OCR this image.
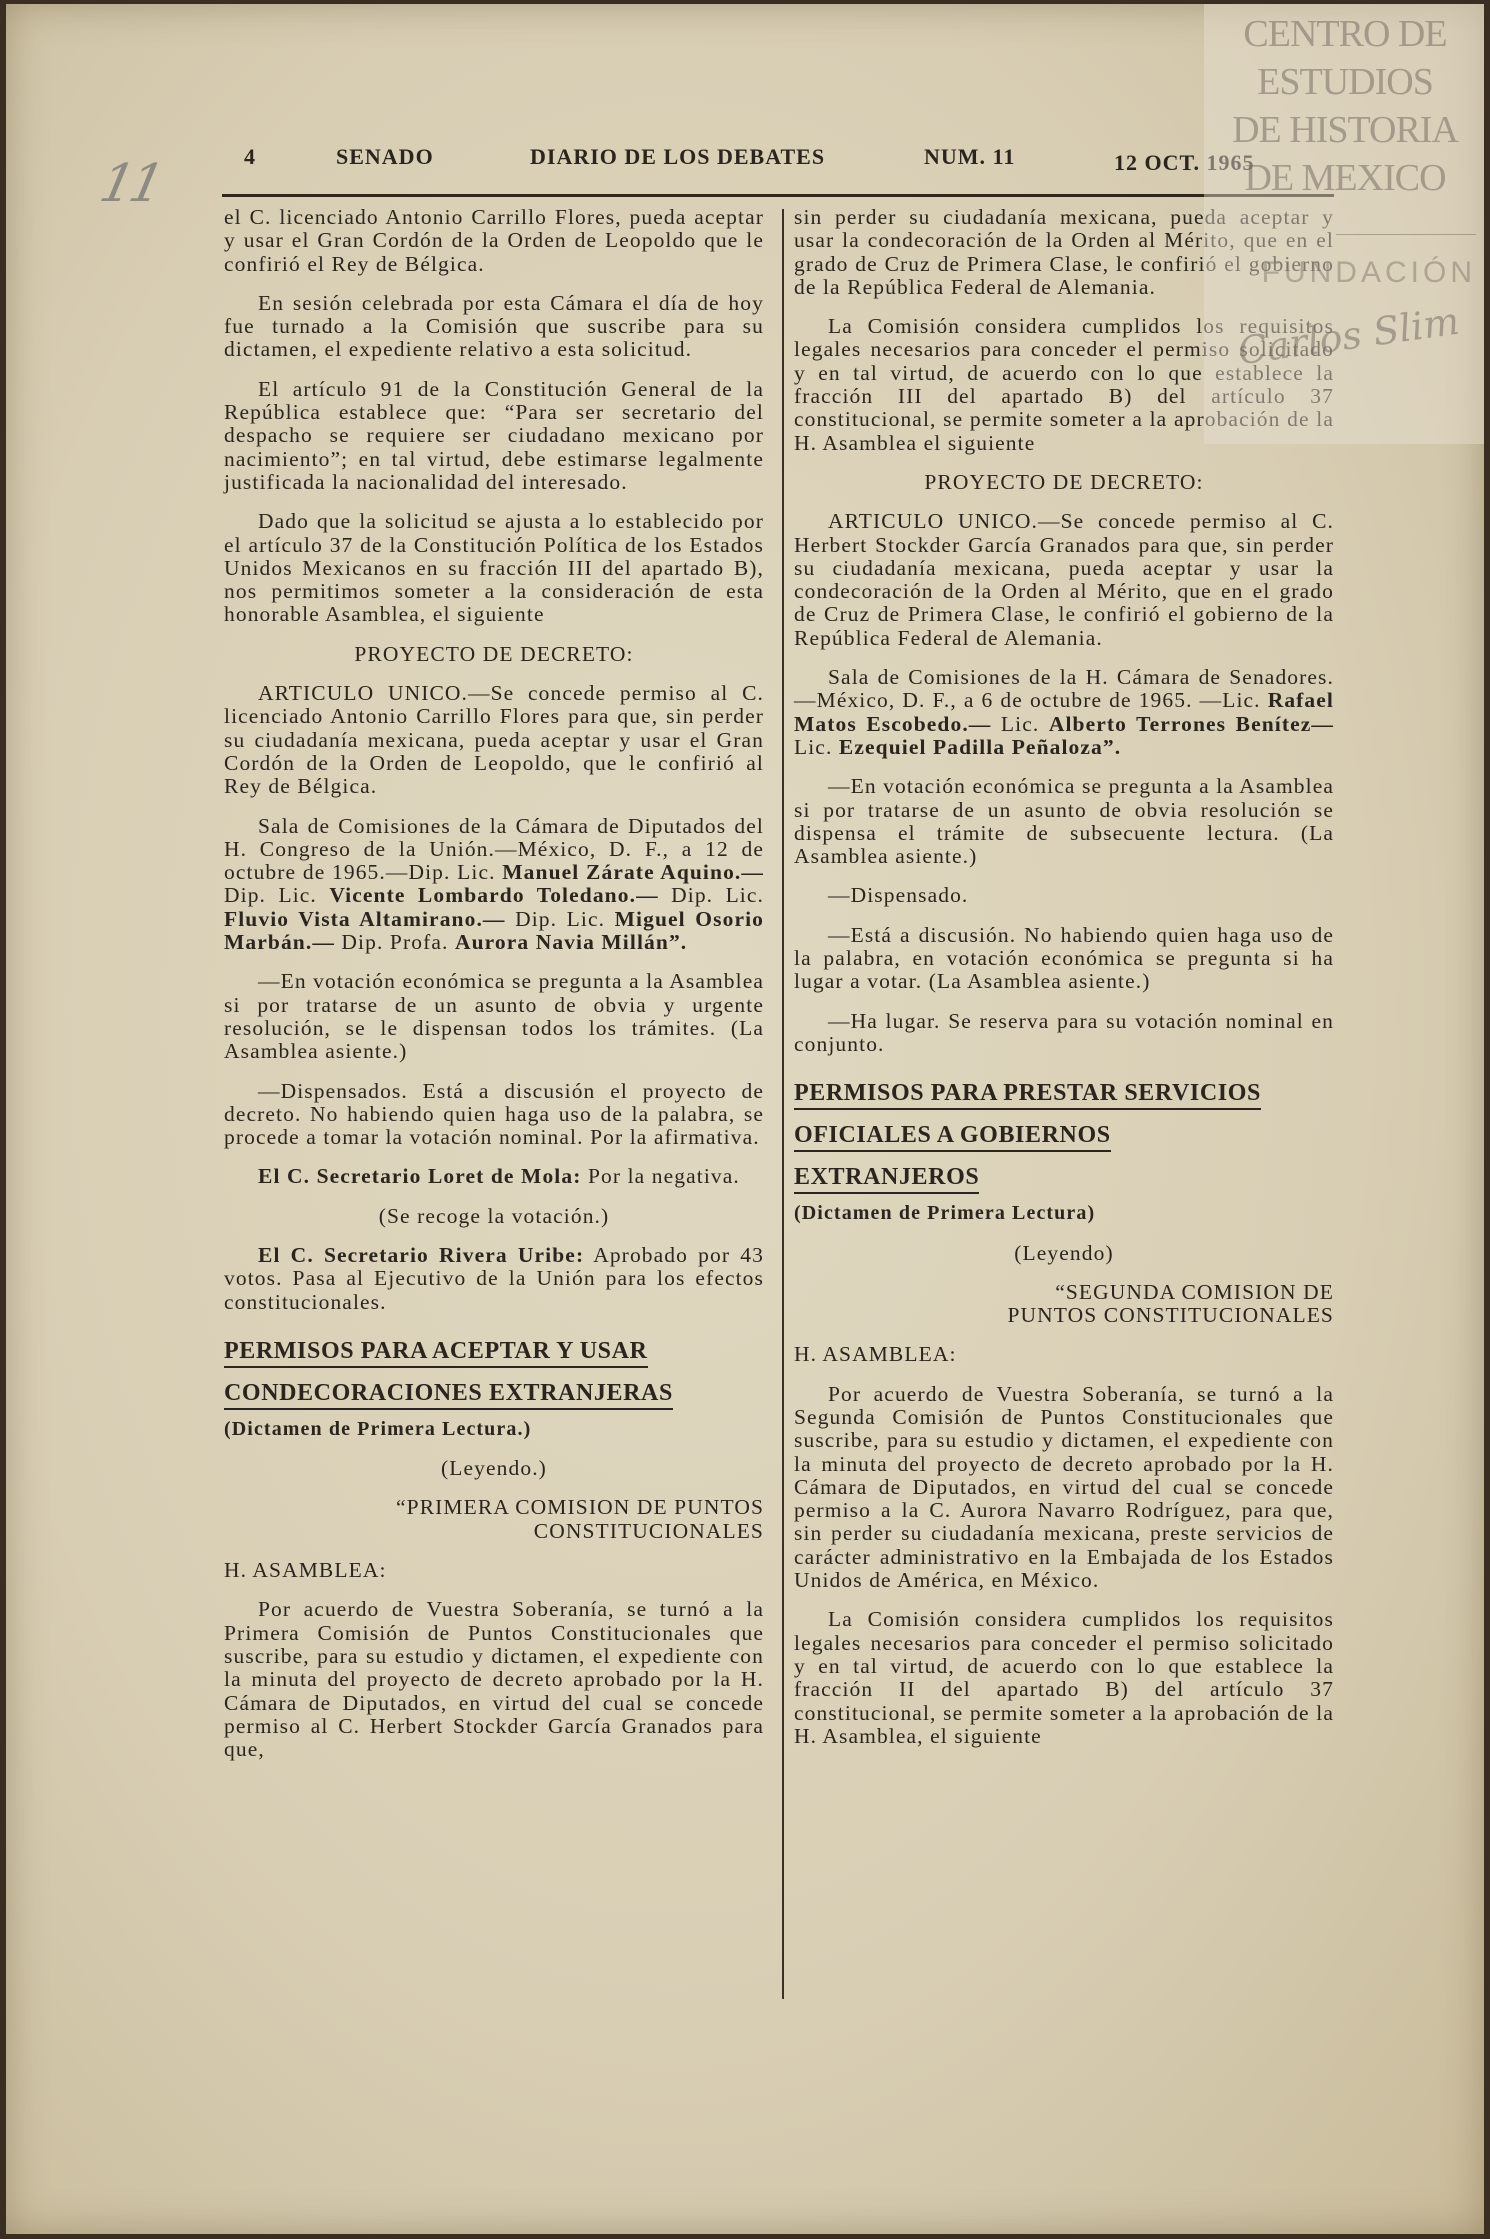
11	4	SENADO	DIARIO DE LOS DEBATES	NUM. 11	12 OCT. 1965

el C. licenciado Antonio Carrillo Flores, pueda aceptar y usar el Gran Cordón de la Orden de Leopoldo que le confirió el Rey de Bélgica.

En sesión celebrada por esta Cámara el día de hoy fue turnado a la Comisión que suscribe para su dictamen, el expediente relativo a esta solicitud.

El artículo 91 de la Constitución General de la República establece que: “Para ser secretario del despacho se requiere ser ciudadano mexicano por nacimiento”; en tal virtud, debe estimarse legalmente justificada la nacionalidad del interesado.

Dado que la solicitud se ajusta a lo establecido por el artículo 37 de la Constitución Política de los Estados Unidos Mexicanos en su fracción III del apartado B), nos permitimos someter a la consideración de esta honorable Asamblea, el siguiente

PROYECTO DE DECRETO:

ARTICULO UNICO.—Se concede permiso al C. licenciado Antonio Carrillo Flores para que, sin perder su ciudadanía mexicana, pueda aceptar y usar el Gran Cordón de la Orden de Leopoldo, que le confirió al Rey de Bélgica.

Sala de Comisiones de la Cámara de Diputados del H. Congreso de la Unión.—México, D. F., a 12 de octubre de 1965.—Dip. Lic. Manuel Zárate Aquino.— Dip. Lic. Vicente Lombardo Toledano.— Dip. Lic. Fluvio Vista Altamirano.— Dip. Lic. Miguel Osorio Marbán.— Dip. Profa. Aurora Navia Millán”.

—En votación económica se pregunta a la Asamblea si por tratarse de un asunto de obvia y urgente resolución, se le dispensan todos los trámites. (La Asamblea asiente.)

—Dispensados. Está a discusión el proyecto de decreto. No habiendo quien haga uso de la palabra, se procede a tomar la votación nominal. Por la afirmativa.

El C. Secretario Loret de Mola: Por la negativa.

(Se recoge la votación.)

El C. Secretario Rivera Uribe: Aprobado por 43 votos. Pasa al Ejecutivo de la Unión para los efectos constitucionales.

PERMISOS PARA ACEPTAR Y USAR
CONDECORACIONES EXTRANJERAS

(Dictamen de Primera Lectura.)

(Leyendo.)

“PRIMERA COMISION DE PUNTOS
CONSTITUCIONALES

H. ASAMBLEA:

Por acuerdo de Vuestra Soberanía, se turnó a la Primera Comisión de Puntos Constitucionales que suscribe, para su estudio y dictamen, el expediente con la minuta del proyecto de decreto aprobado por la H. Cámara de Diputados, en virtud del cual se concede permiso al C. Herbert Stockder García Granados para que,

sin perder su ciudadanía mexicana, pueda aceptar y usar la condecoración de la Orden al Mérito, que en el grado de Cruz de Primera Clase, le confirió el gobierno de la República Federal de Alemania.

La Comisión considera cumplidos los requisitos legales necesarios para conceder el permiso solicitado y en tal virtud, de acuerdo con lo que establece la fracción III del apartado B) del artículo 37 constitucional, se permite someter a la aprobación de la H. Asamblea el siguiente

PROYECTO DE DECRETO:

ARTICULO UNICO.—Se concede permiso al C. Herbert Stockder García Granados para que, sin perder su ciudadanía mexicana, pueda aceptar y usar la condecoración de la Orden al Mérito, que en el grado de Cruz de Primera Clase, le confirió el gobierno de la República Federal de Alemania.

Sala de Comisiones de la H. Cámara de Senadores.—México, D. F., a 6 de octubre de 1965. —Lic. Rafael Matos Escobedo.— Lic. Alberto Terrones Benítez— Lic. Ezequiel Padilla Peñaloza”.

—En votación económica se pregunta a la Asamblea si por tratarse de un asunto de obvia resolución se dispensa el trámite de subsecuente lectura. (La Asamblea asiente.)

—Dispensado.

—Está a discusión. No habiendo quien haga uso de la palabra, en votación económica se pregunta si ha lugar a votar. (La Asamblea asiente.)

—Ha lugar. Se reserva para su votación nominal en conjunto.

PERMISOS PARA PRESTAR SERVICIOS
OFICIALES A GOBIERNOS
EXTRANJEROS

(Dictamen de Primera Lectura)

(Leyendo)

“SEGUNDA COMISION DE
PUNTOS CONSTITUCIONALES

H. ASAMBLEA:

Por acuerdo de Vuestra Soberanía, se turnó a la Segunda Comisión de Puntos Constitucionales que suscribe, para su estudio y dictamen, el expediente con la minuta del proyecto de decreto aprobado por la H. Cámara de Diputados, en virtud del cual se concede permiso a la C. Aurora Navarro Rodríguez, para que, sin perder su ciudadanía mexicana, preste servicios de carácter administrativo en la Embajada de los Estados Unidos de América, en México.

La Comisión considera cumplidos los requisitos legales necesarios para conceder el permiso solicitado y en tal virtud, de acuerdo con lo que establece la fracción II del apartado B) del artículo 37 constitucional, se permite someter a la aprobación de la H. Asamblea, el siguiente

CENTRO DE
ESTUDIOS
DE HISTORIA
DE MEXICO
FUNDACIÓN
Carlos Slim
